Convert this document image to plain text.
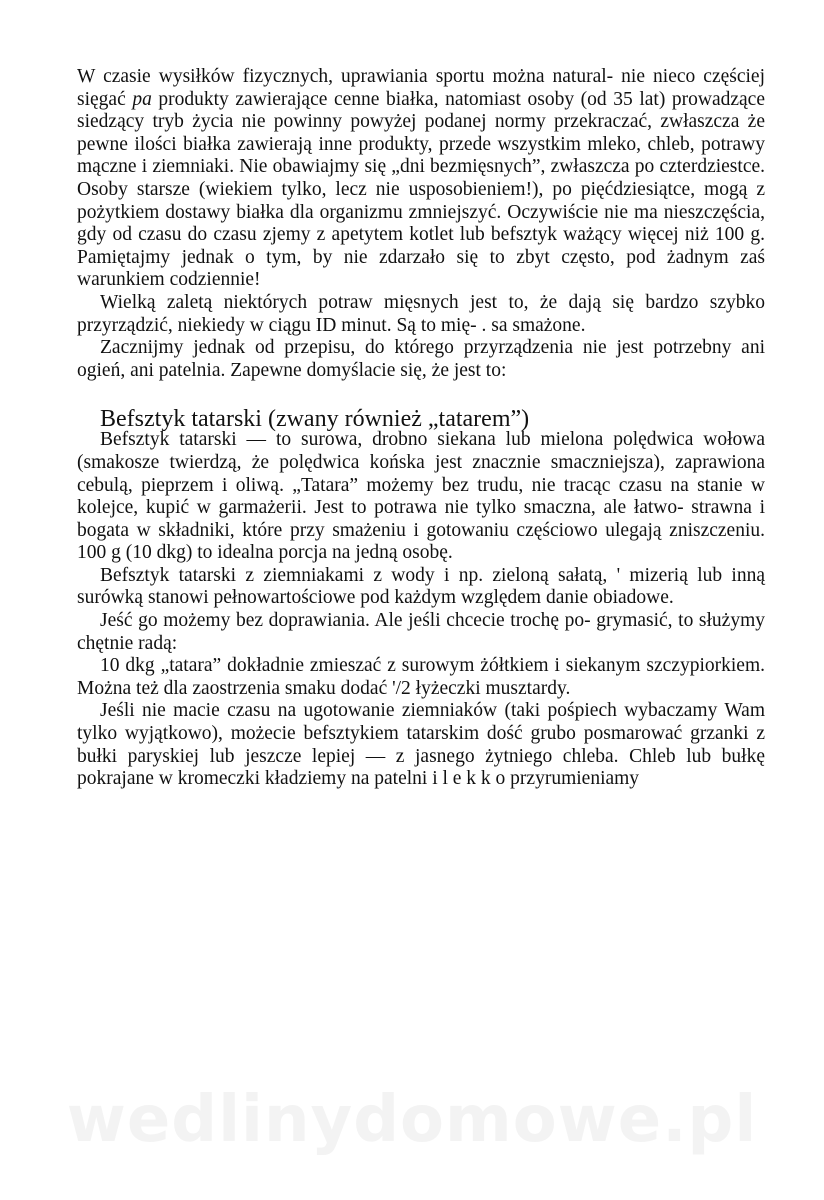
W czasie wysiłków fizycznych, uprawiania sportu można natural- nie nieco częściej sięgać pa produkty zawierające cenne białka, natomiast osoby (od 35 lat) prowadzące siedzący tryb życia nie powinny powyżej podanej normy przekraczać, zwłaszcza że pewne ilości białka zawierają inne produkty, przede wszystkim mleko, chleb, potrawy mączne i ziemniaki. Nie obawiajmy się „dni bezmięsnych”, zwłaszcza po czterdziestce. Osoby starsze (wiekiem tylko, lecz nie usposobieniem!), po pięćdziesiątce, mogą z pożytkiem dostawy białka dla organizmu zmniejszyć. Oczywiście nie ma nieszczęścia, gdy od czasu do czasu zjemy z apetytem kotlet lub befsztyk ważący więcej niż 100 g. Pamiętajmy jednak o tym, by nie zdarzało się to zbyt często, pod żadnym zaś warunkiem codziennie!

Wielką zaletą niektórych potraw mięsnych jest to, że dają się bardzo szybko przyrządzić, niekiedy w ciągu ID minut. Są to mię- . sa smażone.

Zacznijmy jednak od przepisu, do którego przyrządzenia nie jest potrzebny ani ogień, ani patelnia. Zapewne domyślacie się, że jest to:

Befsztyk tatarski (zwany również „tatarem”)

Befsztyk tatarski — to surowa, drobno siekana lub mielona polędwica wołowa (smakosze twierdzą, że polędwica końska jest znacznie smaczniejsza), zaprawiona cebulą, pieprzem i oliwą. „Tatara” możemy bez trudu, nie tracąc czasu na stanie w kolejce, kupić w garmażerii. Jest to potrawa nie tylko smaczna, ale łatwo- strawna i bogata w składniki, które przy smażeniu i gotowaniu częściowo ulegają zniszczeniu. 100 g (10 dkg) to idealna porcja na jedną osobę.

Befsztyk tatarski z ziemniakami z wody i np. zieloną sałatą, ' mizerią lub inną surówką stanowi pełnowartościowe pod każdym względem danie obiadowe.

Jeść go możemy bez doprawiania. Ale jeśli chcecie trochę po- grymasić, to służymy chętnie radą:

10 dkg „tatara” dokładnie zmieszać z surowym żółtkiem i siekanym szczypiorkiem. Można też dla zaostrzenia smaku dodać '/2 łyżeczki musztardy.

Jeśli nie macie czasu na ugotowanie ziemniaków (taki pośpiech wybaczamy Wam tylko wyjątkowo), możecie befsztykiem tatarskim dość grubo posmarować grzanki z bułki paryskiej lub jeszcze lepiej — z jasnego żytniego chleba. Chleb lub bułkę pokrajane w kromeczki kładziemy na patelni i l e k k o przyrumieniamy

wedlinydomowe.pl
